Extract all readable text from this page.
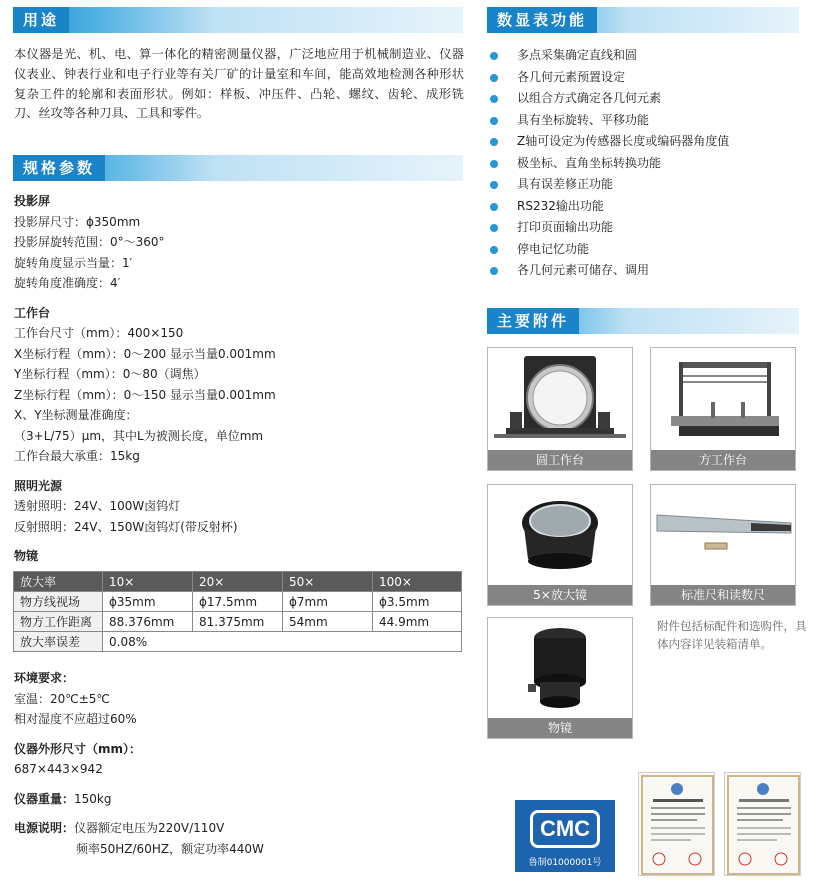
用途

本仪器是光、机、电、算一体化的精密测量仪器，广泛地应用于机械制造业、仪器仪表业、钟表行业和电子行业等有关厂矿的计量室和车间，能高效地检测各种形状复杂工件的轮廓和表面形状。例如：样板、冲压件、凸轮、螺纹、齿轮、成形铣刀、丝攻等各种刀具、工具和零件。

规格参数
投影屏
投影屏尺寸：ϕ350mm
投影屏旋转范围：0°～360°
旋转角度显示当量：1′
旋转角度准确度：4′
工作台
工作台尺寸（mm）：400×150
X坐标行程（mm）：0～200 显示当量0.001mm
Y坐标行程（mm）：0～80（调焦）
Z坐标行程（mm）：0～150 显示当量0.001mm
X、Y坐标测量准确度：
（3+L/75）μm，其中L为被测长度，单位mm
工作台最大承重：15kg
照明光源
透射照明：24V、100W卤钨灯
反射照明：24V、150W卤钨灯(带反射杯)
物镜
放大率	10×	20×	50×	100×
物方线视场	ϕ35mm	ϕ17.5mm	ϕ7mm	ϕ3.5mm
物方工作距离	88.376mm	81.375mm	54mm	44.9mm
放大率误差	0.08%			
环境要求：
室温：20℃±5℃
相对湿度不应超过60%
仪器外形尺寸（mm）：
687×443×942
仪器重量：150kg
电源说明：仪器额定电压为220V/110V
频率50HZ/60HZ，额定功率440W
数显表功能
多点采集确定直线和圆
各几何元素预置设定
以组合方式确定各几何元素
具有坐标旋转、平移功能
Z轴可设定为传感器长度或编码器角度值
极坐标、直角坐标转换功能
具有误差修正功能
RS232输出功能
打印页面输出功能
停电记忆功能
各几何元素可储存、调用
主要附件
圆工作台	方工作台
5×放大镜	标准尺和读数尺
物镜

附件包括标配件和选购件，具体内容详见装箱清单。

CMC
鲁制01000001号
